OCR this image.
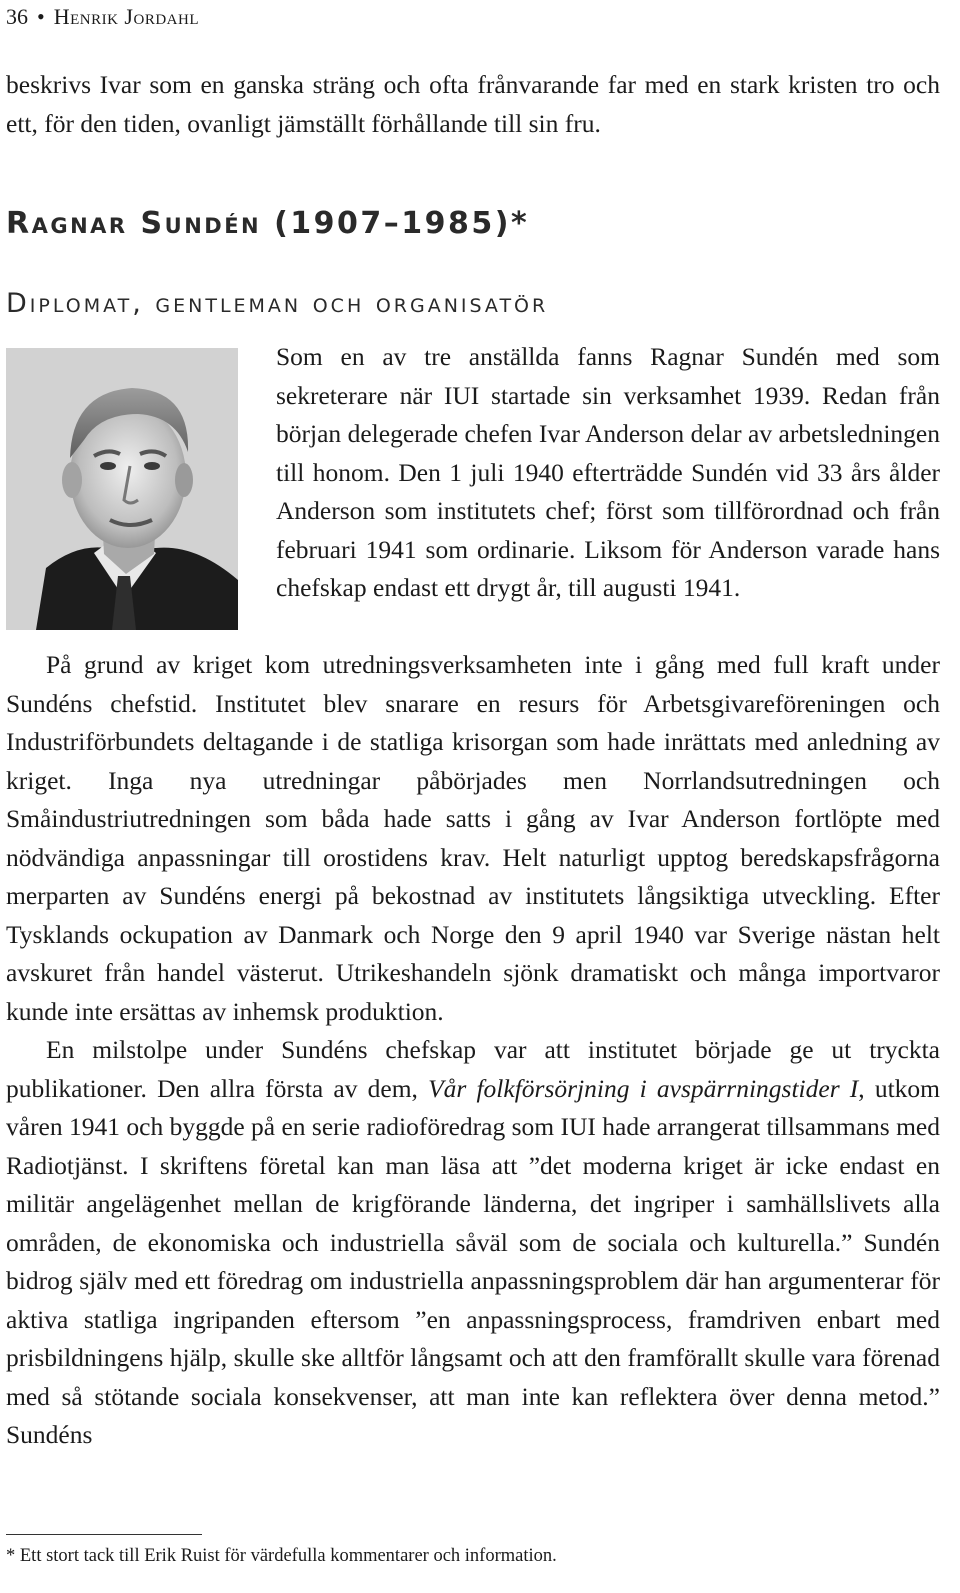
36 • Henrik Jordahl

beskrivs Ivar som en ganska sträng och ofta frånvarande far med en stark kristen tro och ett, för den tiden, ovanligt jämställt förhållande till sin fru.

Ragnar Sundén (1907–1985)*
Diplomat, gentleman och organisatör

Som en av tre anställda fanns Ragnar Sundén med som sekreterare när IUI startade sin verksamhet 1939. Redan från början delegerade chefen Ivar Anderson delar av arbetsledningen till honom. Den 1 juli 1940 efterträdde Sundén vid 33 års ålder Anderson som institutets chef; först som tillförordnad och från februari 1941 som ordinarie. Liksom för Anderson varade hans chefskap endast ett drygt år, till augusti 1941.

På grund av kriget kom utredningsverksamheten inte i gång med full kraft under Sundéns chefstid. Institutet blev snarare en resurs för Arbetsgivareföreningen och Industriförbundets deltagande i de statliga krisorgan som hade inrättats med anledning av kriget. Inga nya utredningar påbörjades men Norrlandsutredningen och Småindustriutredningen som båda hade satts i gång av Ivar Anderson fortlöpte med nödvändiga anpassningar till orostidens krav. Helt naturligt upptog beredskapsfrågorna merparten av Sundéns energi på bekostnad av institutets långsiktiga utveckling. Efter Tysklands ockupation av Danmark och Norge den 9 april 1940 var Sverige nästan helt avskuret från handel västerut. Utrikeshandeln sjönk dramatiskt och många importvaror kunde inte ersättas av inhemsk produktion.

En milstolpe under Sundéns chefskap var att institutet började ge ut tryckta publikationer. Den allra första av dem, Vår folkförsörjning i avspärrningstider I, utkom våren 1941 och byggde på en serie radioföredrag som IUI hade arrangerat tillsammans med Radiotjänst. I skriftens företal kan man läsa att ”det moderna kriget är icke endast en militär angelägenhet mellan de krigförande länderna, det ingriper i samhällslivets alla områden, de ekonomiska och industriella såväl som de sociala och kulturella.” Sundén bidrog själv med ett föredrag om industriella anpassningsproblem där han argumenterar för aktiva statliga ingripanden eftersom ”en anpassningsprocess, framdriven enbart med prisbildningens hjälp, skulle ske alltför långsamt och att den framförallt skulle vara förenad med så stötande sociala konsekvenser, att man inte kan reflektera över denna metod.” Sundéns

* Ett stort tack till Erik Ruist för värdefulla kommentarer och information.
